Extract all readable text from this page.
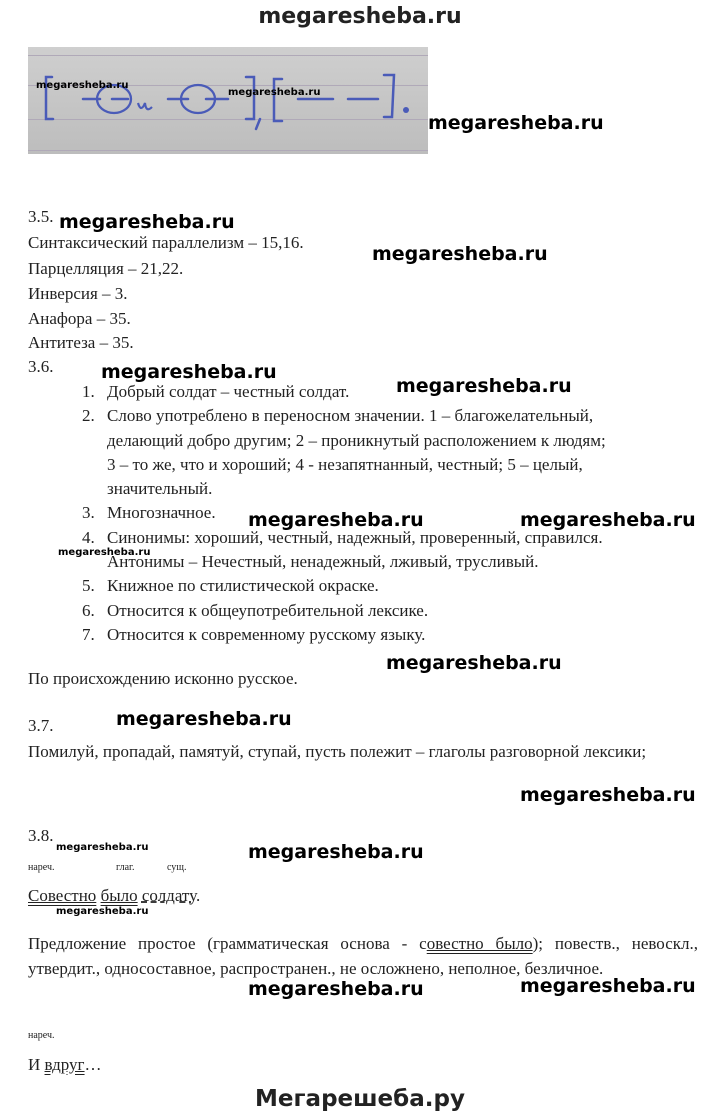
megaresheba.ru
megaresheba.ru
megaresheba.ru
megaresheba.ru
3.5. megaresheba.ru
Синтаксический параллелизм – 15,16.
megaresheba.ru
Парцелляция – 21,22.
Инверсия – 3.
Анафора – 35.
Антитеза – 35.
3.6.	megaresheba.ru
1. Добрый солдат – честный солдат.
2. Слово употреблено в переносном значении. 1 – благожелательный,
делающий добро другим; 2 – проникнутый расположением к людям;
3 – то же, что и хороший; 4 - незапятнанный, честный; 5 – целый,
значительный.
3. Многозначное.
4. Синонимы: хороший, честный, надежный, проверенный, справился.
Антонимы – Нечестный, ненадежный, лживый, трусливый.
5. Книжное по стилистической окраске.
6. Относится к общеупотребительной лексике.
7. Относится к современному русскому языку.
megaresheba.ru
megaresheba.ru	megaresheba.ru
megaresheba.ru
megaresheba.ru
По происхождению исконно русское.
megaresheba.ru
3.7.
Помилуй, пропадай, памятуй, ступай, пусть полежит – глаголы разговорной лексики;
megaresheba.ru
3.8.
megaresheba.ru	megaresheba.ru
нареч.	глаг.	сущ.
Совестно было солдату.
megaresheba.ru
Предложение простое (грамматическая основа - совестно было); повеств., невоскл., утвердит., односоставное, распространен., не осложнено, неполное, безличное.
megaresheba.ru	megaresheba.ru
нареч.
И вдруг…
Мегарешеба.ру
